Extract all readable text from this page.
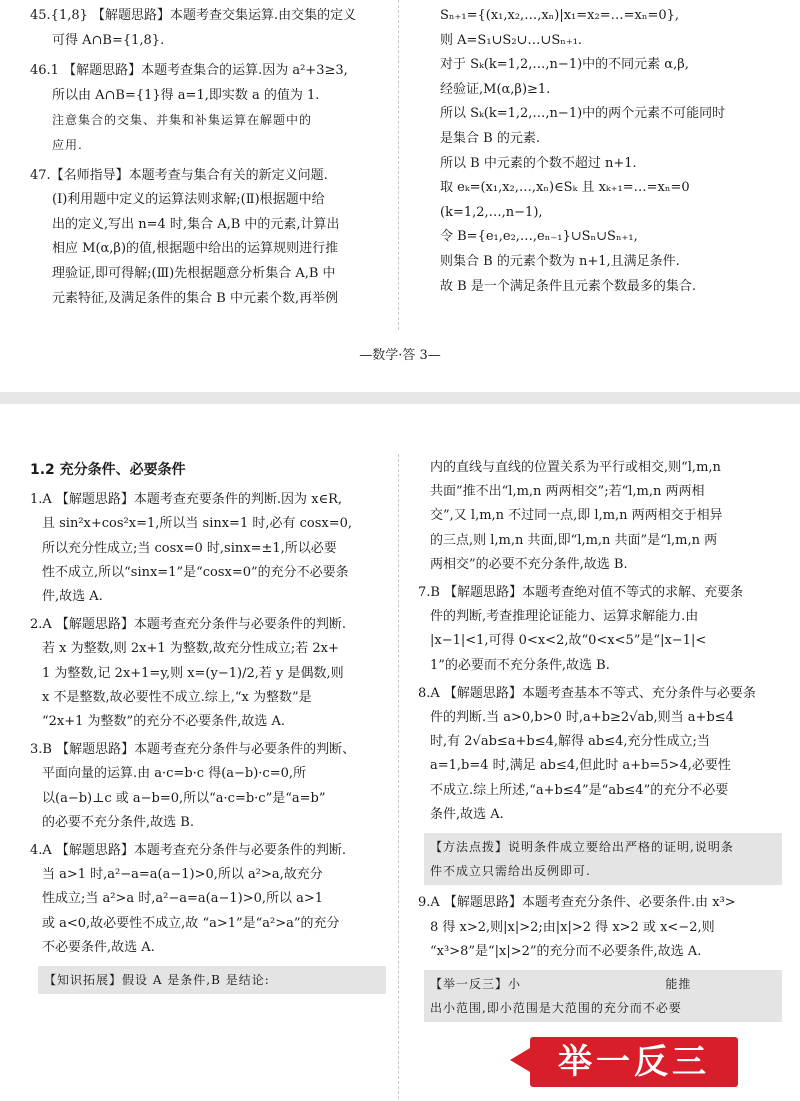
45.{1,8} 【解题思路】本题考查交集运算.由交集的定义

可得 A∩B={1,8}.

46.1 【解题思路】本题考查集合的运算.因为 a²+3≥3,

所以由 A∩B={1}得 a=1,即实数 a 的值为 1.

注意集合的交集、并集和补集运算在解题中的

应用.

47.【名师指导】本题考查与集合有关的新定义问题.

(Ⅰ)利用题中定义的运算法则求解;(Ⅱ)根据题中给

出的定义,写出 n=4 时,集合 A,B 中的元素,计算出

相应 M(α,β)的值,根据题中给出的运算规则进行推

理验证,即可得解;(Ⅲ)先根据题意分析集合 A,B 中

元素特征,及满足条件的集合 B 中元素个数,再举例

Sₙ₊₁={(x₁,x₂,…,xₙ)|x₁=x₂=…=xₙ=0},

则 A=S₁∪S₂∪…∪Sₙ₊₁.

对于 Sₖ(k=1,2,…,n−1)中的不同元素 α,β,

经验证,M(α,β)≥1.

所以 Sₖ(k=1,2,…,n−1)中的两个元素不可能同时

是集合 B 的元素.

所以 B 中元素的个数不超过 n+1.

取 eₖ=(x₁,x₂,…,xₙ)∈Sₖ 且 xₖ₊₁=…=xₙ=0

(k=1,2,…,n−1),

令 B={e₁,e₂,…,eₙ₋₁}∪Sₙ∪Sₙ₊₁,

则集合 B 的元素个数为 n+1,且满足条件.

故 B 是一个满足条件且元素个数最多的集合.

—数学·答 3—

1.2 充分条件、必要条件

1.A 【解题思路】本题考查充要条件的判断.因为 x∈R,

且 sin²x+cos²x=1,所以当 sinx=1 时,必有 cosx=0,

所以充分性成立;当 cosx=0 时,sinx=±1,所以必要

性不成立,所以“sinx=1”是“cosx=0”的充分不必要条

件,故选 A.

2.A 【解题思路】本题考查充分条件与必要条件的判断.

若 x 为整数,则 2x+1 为整数,故充分性成立;若 2x+

1 为整数,记 2x+1=y,则 x=(y−1)/2,若 y 是偶数,则

x 不是整数,故必要性不成立.综上,“x 为整数”是

“2x+1 为整数”的充分不必要条件,故选 A.

3.B 【解题思路】本题考查充分条件与必要条件的判断、

平面向量的运算.由 a·c=b·c 得(a−b)·c=0,所

以(a−b)⊥c 或 a−b=0,所以“a·c=b·c”是“a=b”

的必要不充分条件,故选 B.

4.A 【解题思路】本题考查充分条件与必要条件的判断.

当 a>1 时,a²−a=a(a−1)>0,所以 a²>a,故充分

性成立;当 a²>a 时,a²−a=a(a−1)>0,所以 a>1

或 a<0,故必要性不成立,故 “a>1”是“a²>a”的充分

不必要条件,故选 A.

【知识拓展】假设 A 是条件,B 是结论:

内的直线与直线的位置关系为平行或相交,则“l,m,n

共面”推不出“l,m,n 两两相交”;若“l,m,n 两两相

交”,又 l,m,n 不过同一点,即 l,m,n 两两相交于相异

的三点,则 l,m,n 共面,即“l,m,n 共面”是“l,m,n 两

两相交”的必要不充分条件,故选 B.

7.B 【解题思路】本题考查绝对值不等式的求解、充要条

件的判断,考查推理论证能力、运算求解能力.由

|x−1|<1,可得 0<x<2,故“0<x<5”是“|x−1|<

1”的必要而不充分条件,故选 B.

8.A 【解题思路】本题考查基本不等式、充分条件与必要条

件的判断.当 a>0,b>0 时,a+b≥2√ab,则当 a+b≤4

时,有 2√ab≤a+b≤4,解得 ab≤4,充分性成立;当

a=1,b=4 时,满足 ab≤4,但此时 a+b=5>4,必要性

不成立.综上所述,“a+b≤4”是“ab≤4”的充分不必要

条件,故选 A.

【方法点拨】说明条件成立要给出严格的证明,说明条

件不成立只需给出反例即可.

9.A 【解题思路】本题考查充分条件、必要条件.由 x³>

8 得 x>2,则|x|>2;由|x|>2 得 x>2 或 x<−2,则

“x³>8”是“|x|>2”的充分而不必要条件,故选 A.

【举一反三】小                              能推

出小范围,即小范围是大范围的充分而不必要

举一反三
